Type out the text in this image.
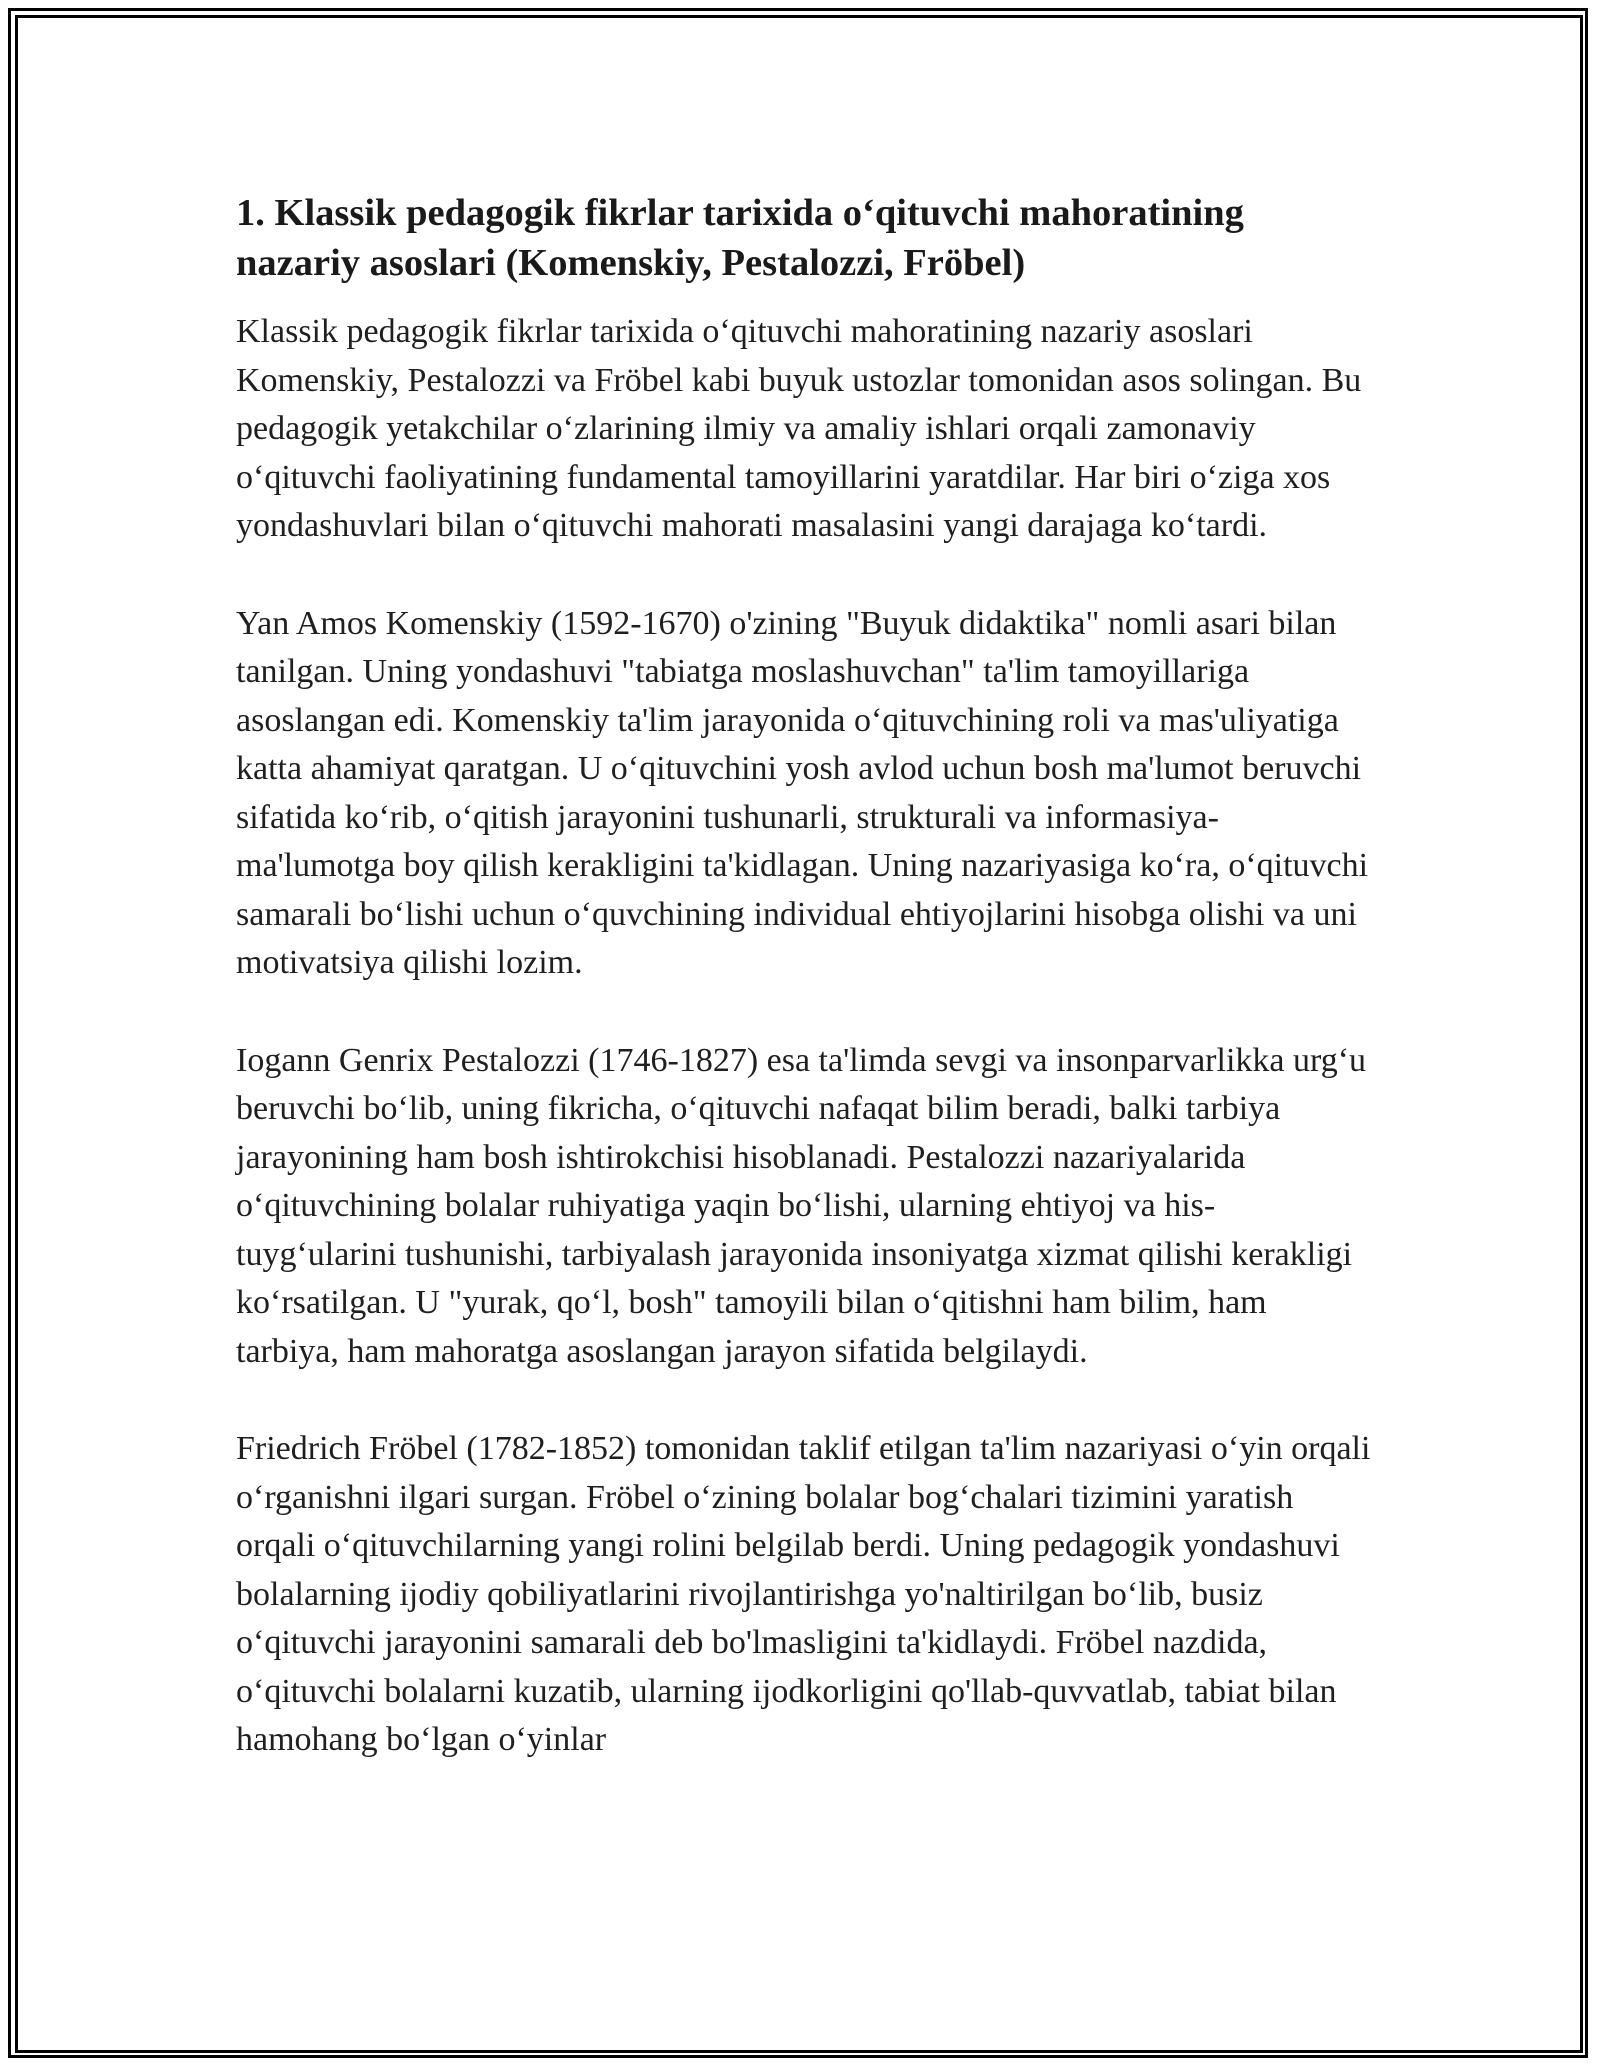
1. Klassik pedagogik fikrlar tarixida o‘qituvchi mahoratining nazariy asoslari (Komenskiy, Pestalozzi, Fröbel)

Klassik pedagogik fikrlar tarixida o‘qituvchi mahoratining nazariy asoslari Komenskiy, Pestalozzi va Fröbel kabi buyuk ustozlar tomonidan asos solingan. Bu pedagogik yetakchilar o‘zlarining ilmiy va amaliy ishlari orqali zamonaviy o‘qituvchi faoliyatining fundamental tamoyillarini yaratdilar. Har biri o‘ziga xos yondashuvlari bilan o‘qituvchi mahorati masalasini yangi darajaga ko‘tardi.

Yan Amos Komenskiy (1592-1670) o'zining "Buyuk didaktika" nomli asari bilan tanilgan. Uning yondashuvi "tabiatga moslashuvchan" ta'lim tamoyillariga asoslangan edi. Komenskiy ta'lim jarayonida o‘qituvchining roli va mas'uliyatiga katta ahamiyat qaratgan. U o‘qituvchini yosh avlod uchun bosh ma'lumot beruvchi sifatida ko‘rib, o‘qitish jarayonini tushunarli, strukturali va informasiya-ma'lumotga boy qilish kerakligini ta'kidlagan. Uning nazariyasiga ko‘ra, o‘qituvchi samarali bo‘lishi uchun o‘quvchining individual ehtiyojlarini hisobga olishi va uni motivatsiya qilishi lozim.

Iogann Genrix Pestalozzi (1746-1827) esa ta'limda sevgi va insonparvarlikka urg‘u beruvchi bo‘lib, uning fikricha, o‘qituvchi nafaqat bilim beradi, balki tarbiya jarayonining ham bosh ishtirokchisi hisoblanadi. Pestalozzi nazariyalarida o‘qituvchining bolalar ruhiyatiga yaqin bo‘lishi, ularning ehtiyoj va his-tuyg‘ularini tushunishi, tarbiyalash jarayonida insoniyatga xizmat qilishi kerakligi ko‘rsatilgan. U "yurak, qo‘l, bosh" tamoyili bilan o‘qitishni ham bilim, ham tarbiya, ham mahoratga asoslangan jarayon sifatida belgilaydi.

Friedrich Fröbel (1782-1852) tomonidan taklif etilgan ta'lim nazariyasi o‘yin orqali o‘rganishni ilgari surgan. Fröbel o‘zining bolalar bog‘chalari tizimini yaratish orqali o‘qituvchilarning yangi rolini belgilab berdi. Uning pedagogik yondashuvi bolalarning ijodiy qobiliyatlarini rivojlantirishga yo'naltirilgan bo‘lib, busiz o‘qituvchi jarayonini samarali deb bo'lmasligini ta'kidlaydi. Fröbel nazdida, o‘qituvchi bolalarni kuzatib, ularning ijodkorligini qo'llab-quvvatlab, tabiat bilan hamohang bo‘lgan o‘yinlar
